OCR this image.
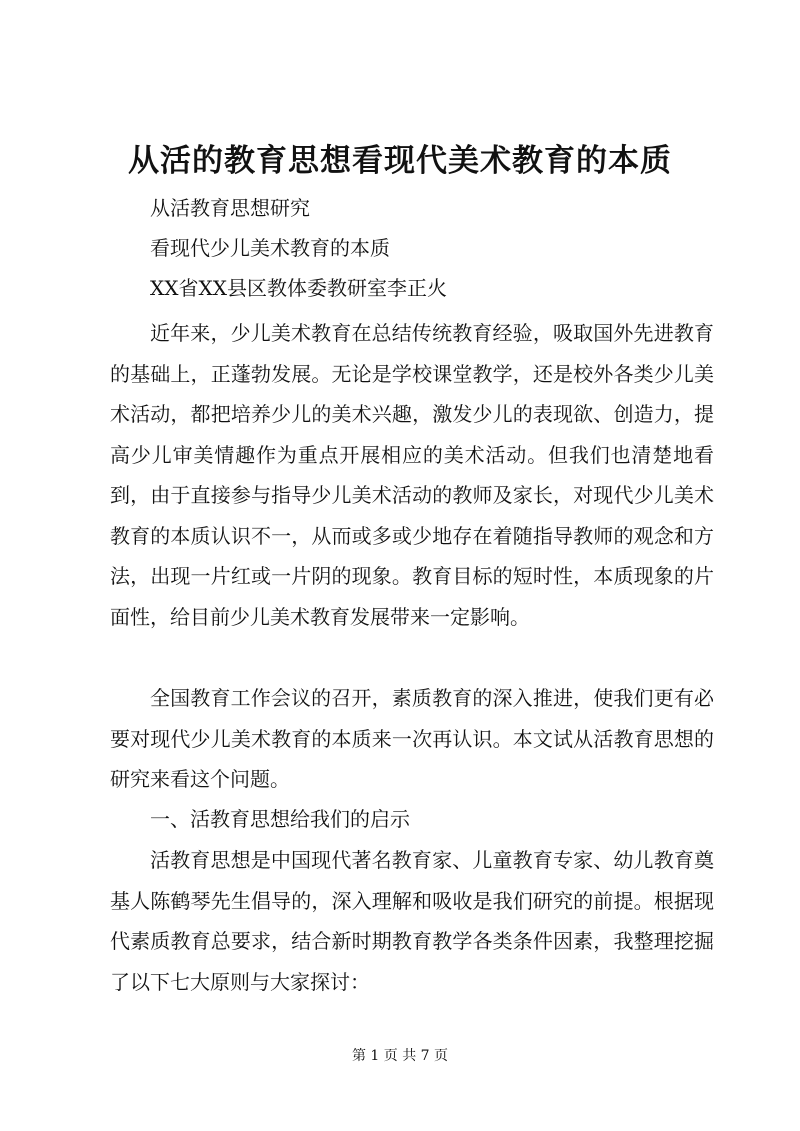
从活的教育思想看现代美术教育的本质

从活教育思想研究

看现代少儿美术教育的本质

XX省XX县区教体委教研室李正火

近年来，少儿美术教育在总结传统教育经验，吸取国外先进教育的基础上，正蓬勃发展。无论是学校课堂教学，还是校外各类少儿美术活动，都把培养少儿的美术兴趣，激发少儿的表现欲、创造力，提高少儿审美情趣作为重点开展相应的美术活动。但我们也清楚地看到，由于直接参与指导少儿美术活动的教师及家长，对现代少儿美术教育的本质认识不一，从而或多或少地存在着随指导教师的观念和方法，出现一片红或一片阴的现象。教育目标的短时性，本质现象的片面性，给目前少儿美术教育发展带来一定影响。

全国教育工作会议的召开，素质教育的深入推进，使我们更有必要对现代少儿美术教育的本质来一次再认识。本文试从活教育思想的研究来看这个问题。

一、活教育思想给我们的启示

活教育思想是中国现代著名教育家、儿童教育专家、幼儿教育奠基人陈鹤琴先生倡导的，深入理解和吸收是我们研究的前提。根据现代素质教育总要求，结合新时期教育教学各类条件因素，我整理挖掘了以下七大原则与大家探讨：

第 1 页 共 7 页
